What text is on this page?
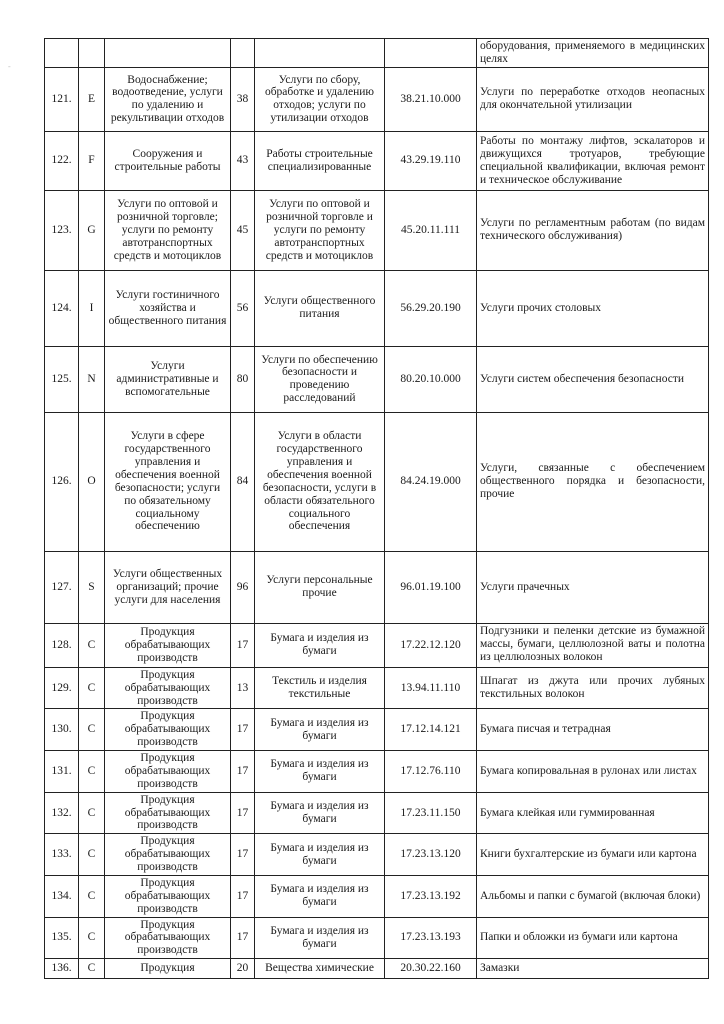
-
						оборудования, применяемого в медицинских целях
121.	E	Водоснабжение; водоотведение, услуги по удалению и рекультивации отходов	38	Услуги по сбору, обработке и удалению отходов; услуги по утилизации отходов	38.21.10.000	Услуги по переработке отходов неопасных для окончательной утилизации
122.	F	Сооружения и строительные работы	43	Работы строительные специализированные	43.29.19.110	Работы по монтажу лифтов, эскалаторов и движущихся тротуаров, требующие специальной квалификации, включая ремонт и техническое обслуживание
123.	G	Услуги по оптовой и розничной торговле; услуги по ремонту автотранспортных средств и мотоциклов	45	Услуги по оптовой и розничной торговле и услуги по ремонту автотранспортных средств и мотоциклов	45.20.11.111	Услуги по регламентным работам (по видам технического обслуживания)
124.	I	Услуги гостиничного хозяйства и общественного питания	56	Услуги общественного питания	56.29.20.190	Услуги прочих столовых
125.	N	Услуги административные и вспомогательные	80	Услуги по обеспечению безопасности и проведению расследований	80.20.10.000	Услуги систем обеспечения безопасности
126.	O	Услуги в сфере государственного управления и обеспечения военной безопасности; услуги по обязательному социальному обеспечению	84	Услуги в области государственного управления и обеспечения военной безопасности, услуги в области обязательного социального обеспечения	84.24.19.000	Услуги, связанные с обеспечением общественного порядка и безопасности, прочие
127.	S	Услуги общественных организаций; прочие услуги для населения	96	Услуги персональные прочие	96.01.19.100	Услуги прачечных
128.	C	Продукция обрабатывающих производств	17	Бумага и изделия из бумаги	17.22.12.120	Подгузники и пеленки детские из бумажной массы, бумаги, целлюлозной ваты и полотна из целлюлозных волокон
129.	C	Продукция обрабатывающих производств	13	Текстиль и изделия текстильные	13.94.11.110	Шпагат из джута или прочих лубяных текстильных волокон
130.	C	Продукция обрабатывающих производств	17	Бумага и изделия из бумаги	17.12.14.121	Бумага писчая и тетрадная
131.	C	Продукция обрабатывающих производств	17	Бумага и изделия из бумаги	17.12.76.110	Бумага копировальная в рулонах или листах
132.	C	Продукция обрабатывающих производств	17	Бумага и изделия из бумаги	17.23.11.150	Бумага клейкая или гуммированная
133.	C	Продукция обрабатывающих производств	17	Бумага и изделия из бумаги	17.23.13.120	Книги бухгалтерские из бумаги или картона
134.	C	Продукция обрабатывающих производств	17	Бумага и изделия из бумаги	17.23.13.192	Альбомы и папки с бумагой (включая блоки)
135.	C	Продукция обрабатывающих производств	17	Бумага и изделия из бумаги	17.23.13.193	Папки и обложки из бумаги или картона
136.	C	Продукция	20	Вещества химические	20.30.22.160	Замазки
